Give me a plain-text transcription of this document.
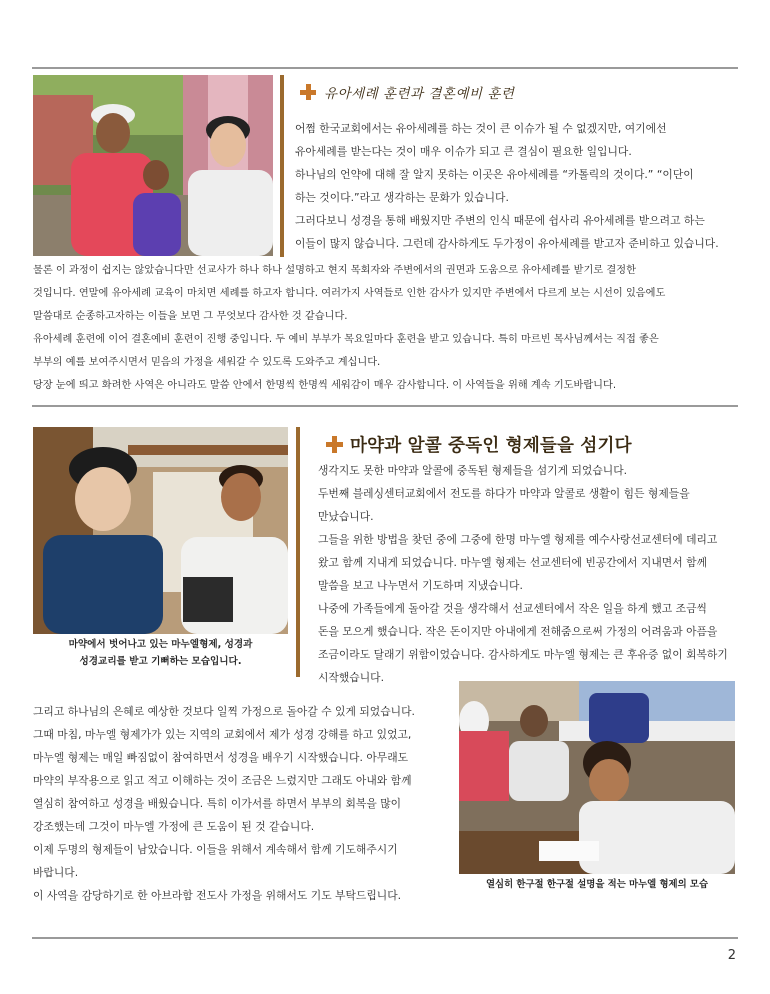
유아세례 훈련과 결혼예비 훈련
어쩜 한국교회에서는 유아세례를 하는 것이 큰 이슈가 될 수 없겠지만, 여기에선
유아세례를 받는다는 것이 매우 이슈가 되고 큰 결심이 필요한 일입니다.
하나님의 언약에 대해 잘 알지 못하는 이곳은 유아세례를 “카톨릭의 것이다.” “이단이
하는 것이다.”라고 생각하는 문화가 있습니다.
그러다보니 성경을 통해 배웠지만 주변의 인식 때문에 쉽사리 유아세례를 받으려고 하는
이들이 많지 않습니다. 그런데 감사하게도 두가정이 유아세례를 받고자 준비하고 있습니다.
물론 이 과정이 쉽지는 않았습니다만 선교사가 하나 하나 설명하고 현지 목회자와 주변에서의 권면과 도움으로 유아세례를 받기로 결정한
것입니다. 연말에 유아세례 교육이 마치면 세례를 하고자 합니다. 여러가지 사역들로 인한 감사가 있지만 주변에서 다르게 보는 시선이 있음에도
말씀대로 순종하고자하는 이들을 보면 그 무엇보다 감사한 것 같습니다.
유아세례 훈련에 이어 결혼예비 훈련이 진행 중입니다. 두 예비 부부가 목요일마다 훈련을 받고 있습니다. 특히 마르빈 목사님께서는 직접 좋은
부부의 예를 보여주시면서 믿음의 가정을 세워갈 수 있도록 도와주고 계십니다.
당장 눈에 띄고 화려한 사역은 아니라도 말씀 안에서 한명씩 한명씩 세워감이 매우 감사합니다. 이 사역들을 위해 계속 기도바랍니다.
마약에서 벗어나고 있는 마누엘형제, 성경과
성경교리를 받고 기뻐하는 모습입니다.
마약과 알콜 중독인 형제들을 섬기다
생각지도 못한 마약과 알콜에 중독된 형제들을 섬기게 되었습니다.
두번째 블레싱센터교회에서 전도를 하다가 마약과 알콜로 생활이 힘든 형제들을
만났습니다.
그들을 위한 방법을 찾던 중에 그중에 한명 마누엘 형제를 예수사랑선교센터에 데리고
왔고 함께 지내게 되었습니다. 마누엘 형제는 선교센터에 빈공간에서 지내면서 함께
말씀을 보고 나누면서 기도하며 지냈습니다.
나중에 가족들에게 돌아갈 것을 생각해서 선교센터에서 작은 일을 하게 했고 조금씩
돈을 모으게 했습니다. 작은 돈이지만 아내에게 전해줌으로써 가정의 어려움과 아픔을
조금이라도 달래기 위함이었습니다. 감사하게도 마누엘 형제는 큰 후유증 없이 회복하기
시작했습니다.
그리고 하나님의 은혜로 예상한 것보다 일찍 가정으로 돌아갈 수 있게 되었습니다.
그때 마침, 마누엘 형제가가 있는 지역의 교회에서 제가 성경 강해를 하고 있었고,
마누엘 형제는 매일 빠짐없이 참여하면서 성경을 배우기 시작했습니다. 아무래도
마약의 부작용으로 읽고 적고 이해하는 것이 조금은 느렸지만 그래도 아내와 함께
열심히 참여하고 성경을 배웠습니다. 특히 이가서를 하면서 부부의 회복을 많이
강조했는데 그것이 마누엘 가정에 큰 도움이 된 것 같습니다.
이제 두명의 형제들이 남았습니다. 이들을 위해서 계속해서 함께 기도해주시기
바랍니다.
이 사역을 감당하기로 한 아브라함 전도사 가정을 위해서도 기도 부탁드립니다.
열심히 한구절 한구절 설명을 적는 마누엘 형제의 모습
2
